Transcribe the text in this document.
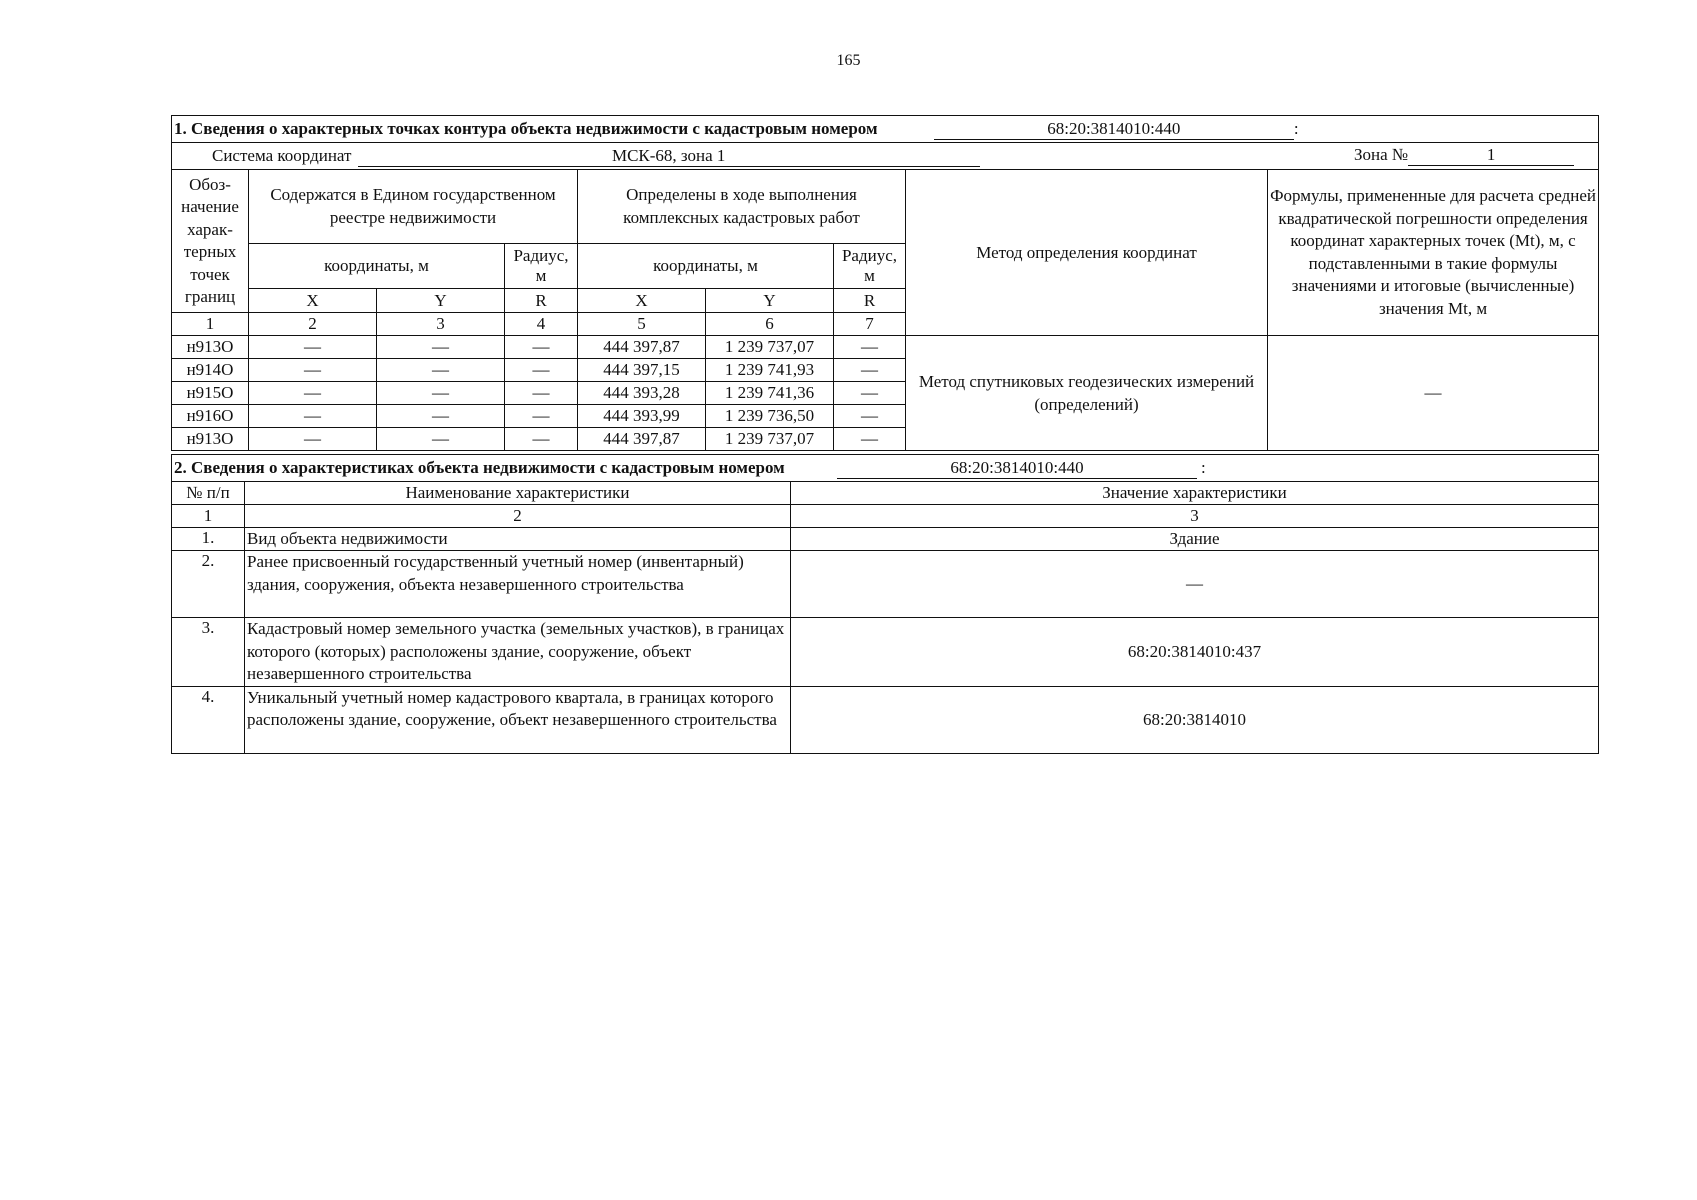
165
1. Сведения о характерных точках контура объекта недвижимости с кадастровым номером 68:20:3814010:440 :									
Система координат МСК-68, зона 1 Зона № 1									

Обоз-начение харак-терных точек границ	Содержатся в Едином государственном реестре недвижимости			Определены в ходе выполнения комплексных кадастровых работ			Метод определения координат	Формулы, примененные для расчета средней квадратической погрешности определения координат характерных точек (Mt), м, с подставленными в такие формулы значениями и итоговые (вычисленные) значения Mt, м	
	координаты, м		Радиус, м	координаты, м		Радиус, м			
	X	Y	R	X	Y	R			
1	2	3	4	5	6	7		
н913О	—	—	—	444 397,87	1 239 737,07	—	Метод спутниковых геодезических измерений (определений)	—	
н914О	—	—	—	444 397,15	1 239 741,93	—			
н915О	—	—	—	444 393,28	1 239 741,36	—			
н916О	—	—	—	444 393,99	1 239 736,50	—			
н913О	—	—	—	444 397,87	1 239 737,07	—			
2. Сведения о характеристиках объекта недвижимости с кадастровым номером 68:20:3814010:440 :		
№ п/п	Наименование характеристики	Значение характеристики
1	2	3
1.	Вид объекта недвижимости	Здание
2.	Ранее присвоенный государственный учетный номер (инвентарный) здания, сооружения, объекта незавершенного строительства	—
3.	Кадастровый номер земельного участка (земельных участков), в границах которого (которых) расположены здание, сооружение, объект незавершенного строительства	68:20:3814010:437
4.	Уникальный учетный номер кадастрового квартала, в границах которого расположены здание, сооружение, объект незавершенного строительства	68:20:3814010
